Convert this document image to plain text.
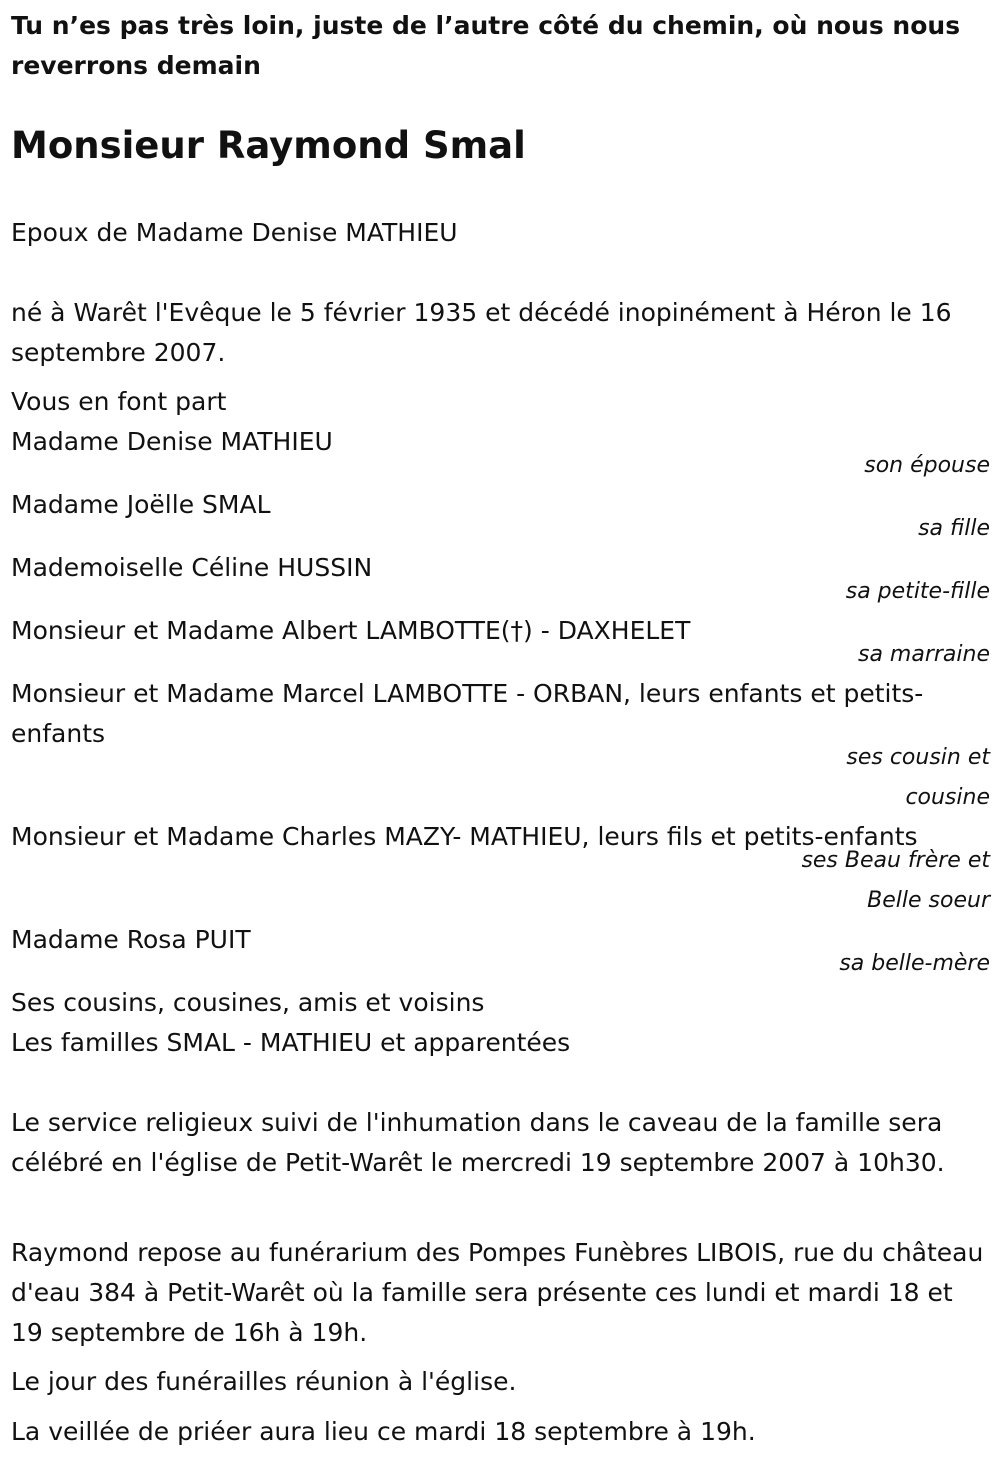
Tu n’es pas très loin, juste de l’autre côté du chemin, où nous nous reverrons demain

Monsieur Raymond Smal

Epoux de Madame Denise MATHIEU

né à Warêt l'Evêque le 5 février 1935 et décédé inopinément à Héron le 16 septembre 2007.

Vous en font part

Madame Denise MATHIEU

son épouse

Madame Joëlle SMAL

sa fille

Mademoiselle Céline HUSSIN

sa petite-fille

Monsieur et Madame Albert LAMBOTTE(†) - DAXHELET

sa marraine

Monsieur et Madame Marcel LAMBOTTE - ORBAN, leurs enfants et petits-enfants

ses cousin et cousine

Monsieur et Madame Charles MAZY- MATHIEU, leurs fils et petits-enfants

ses Beau frère et Belle soeur

Madame Rosa PUIT

sa belle-mère

Ses cousins, cousines, amis et voisins

Les familles SMAL - MATHIEU et apparentées

Le service religieux suivi de l'inhumation dans le caveau de la famille sera célébré en l'église de Petit-Warêt le mercredi 19 septembre 2007 à 10h30.

Raymond repose au funérarium des Pompes Funèbres LIBOIS, rue du château d'eau 384 à Petit-Warêt où la famille sera présente ces lundi et mardi 18 et 19 septembre de 16h à 19h.

Le jour des funérailles réunion à l'église.

La veillée de priéer aura lieu ce mardi 18 septembre à 19h.
